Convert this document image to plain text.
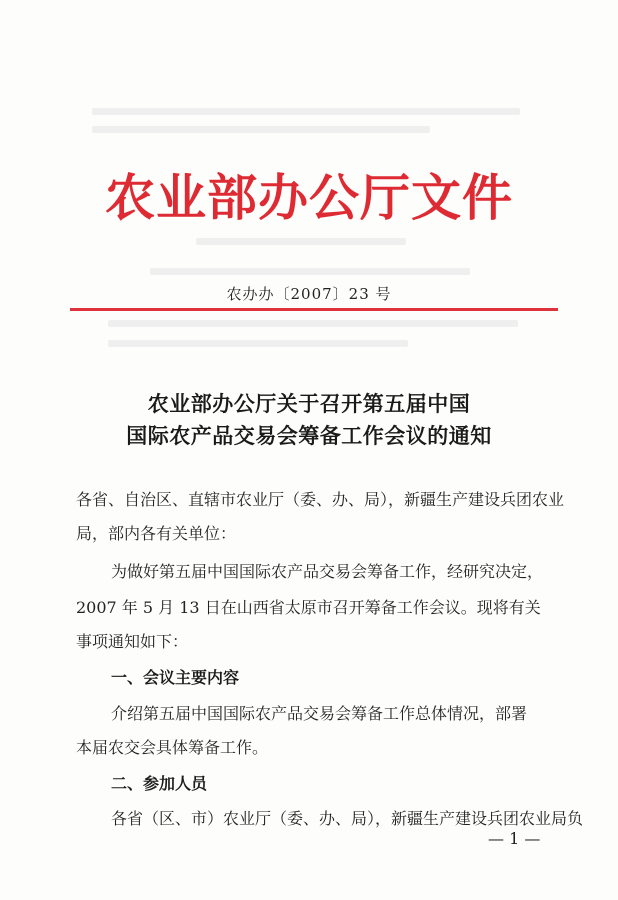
农业部办公厅文件
农办办〔2007〕23 号
农业部办公厅关于召开第五届中国
国际农产品交易会筹备工作会议的通知
各省、自治区、直辖市农业厅（委、办、局），新疆生产建设兵团农业
局，部内各有关单位：
为做好第五届中国国际农产品交易会筹备工作，经研究决定，
2007 年 5 月 13 日在山西省太原市召开筹备工作会议。现将有关
事项通知如下：
一、会议主要内容
介绍第五届中国国际农产品交易会筹备工作总体情况，部署
本届农交会具体筹备工作。
二、参加人员
各省（区、市）农业厅（委、办、局），新疆生产建设兵团农业局负
— 1 —
